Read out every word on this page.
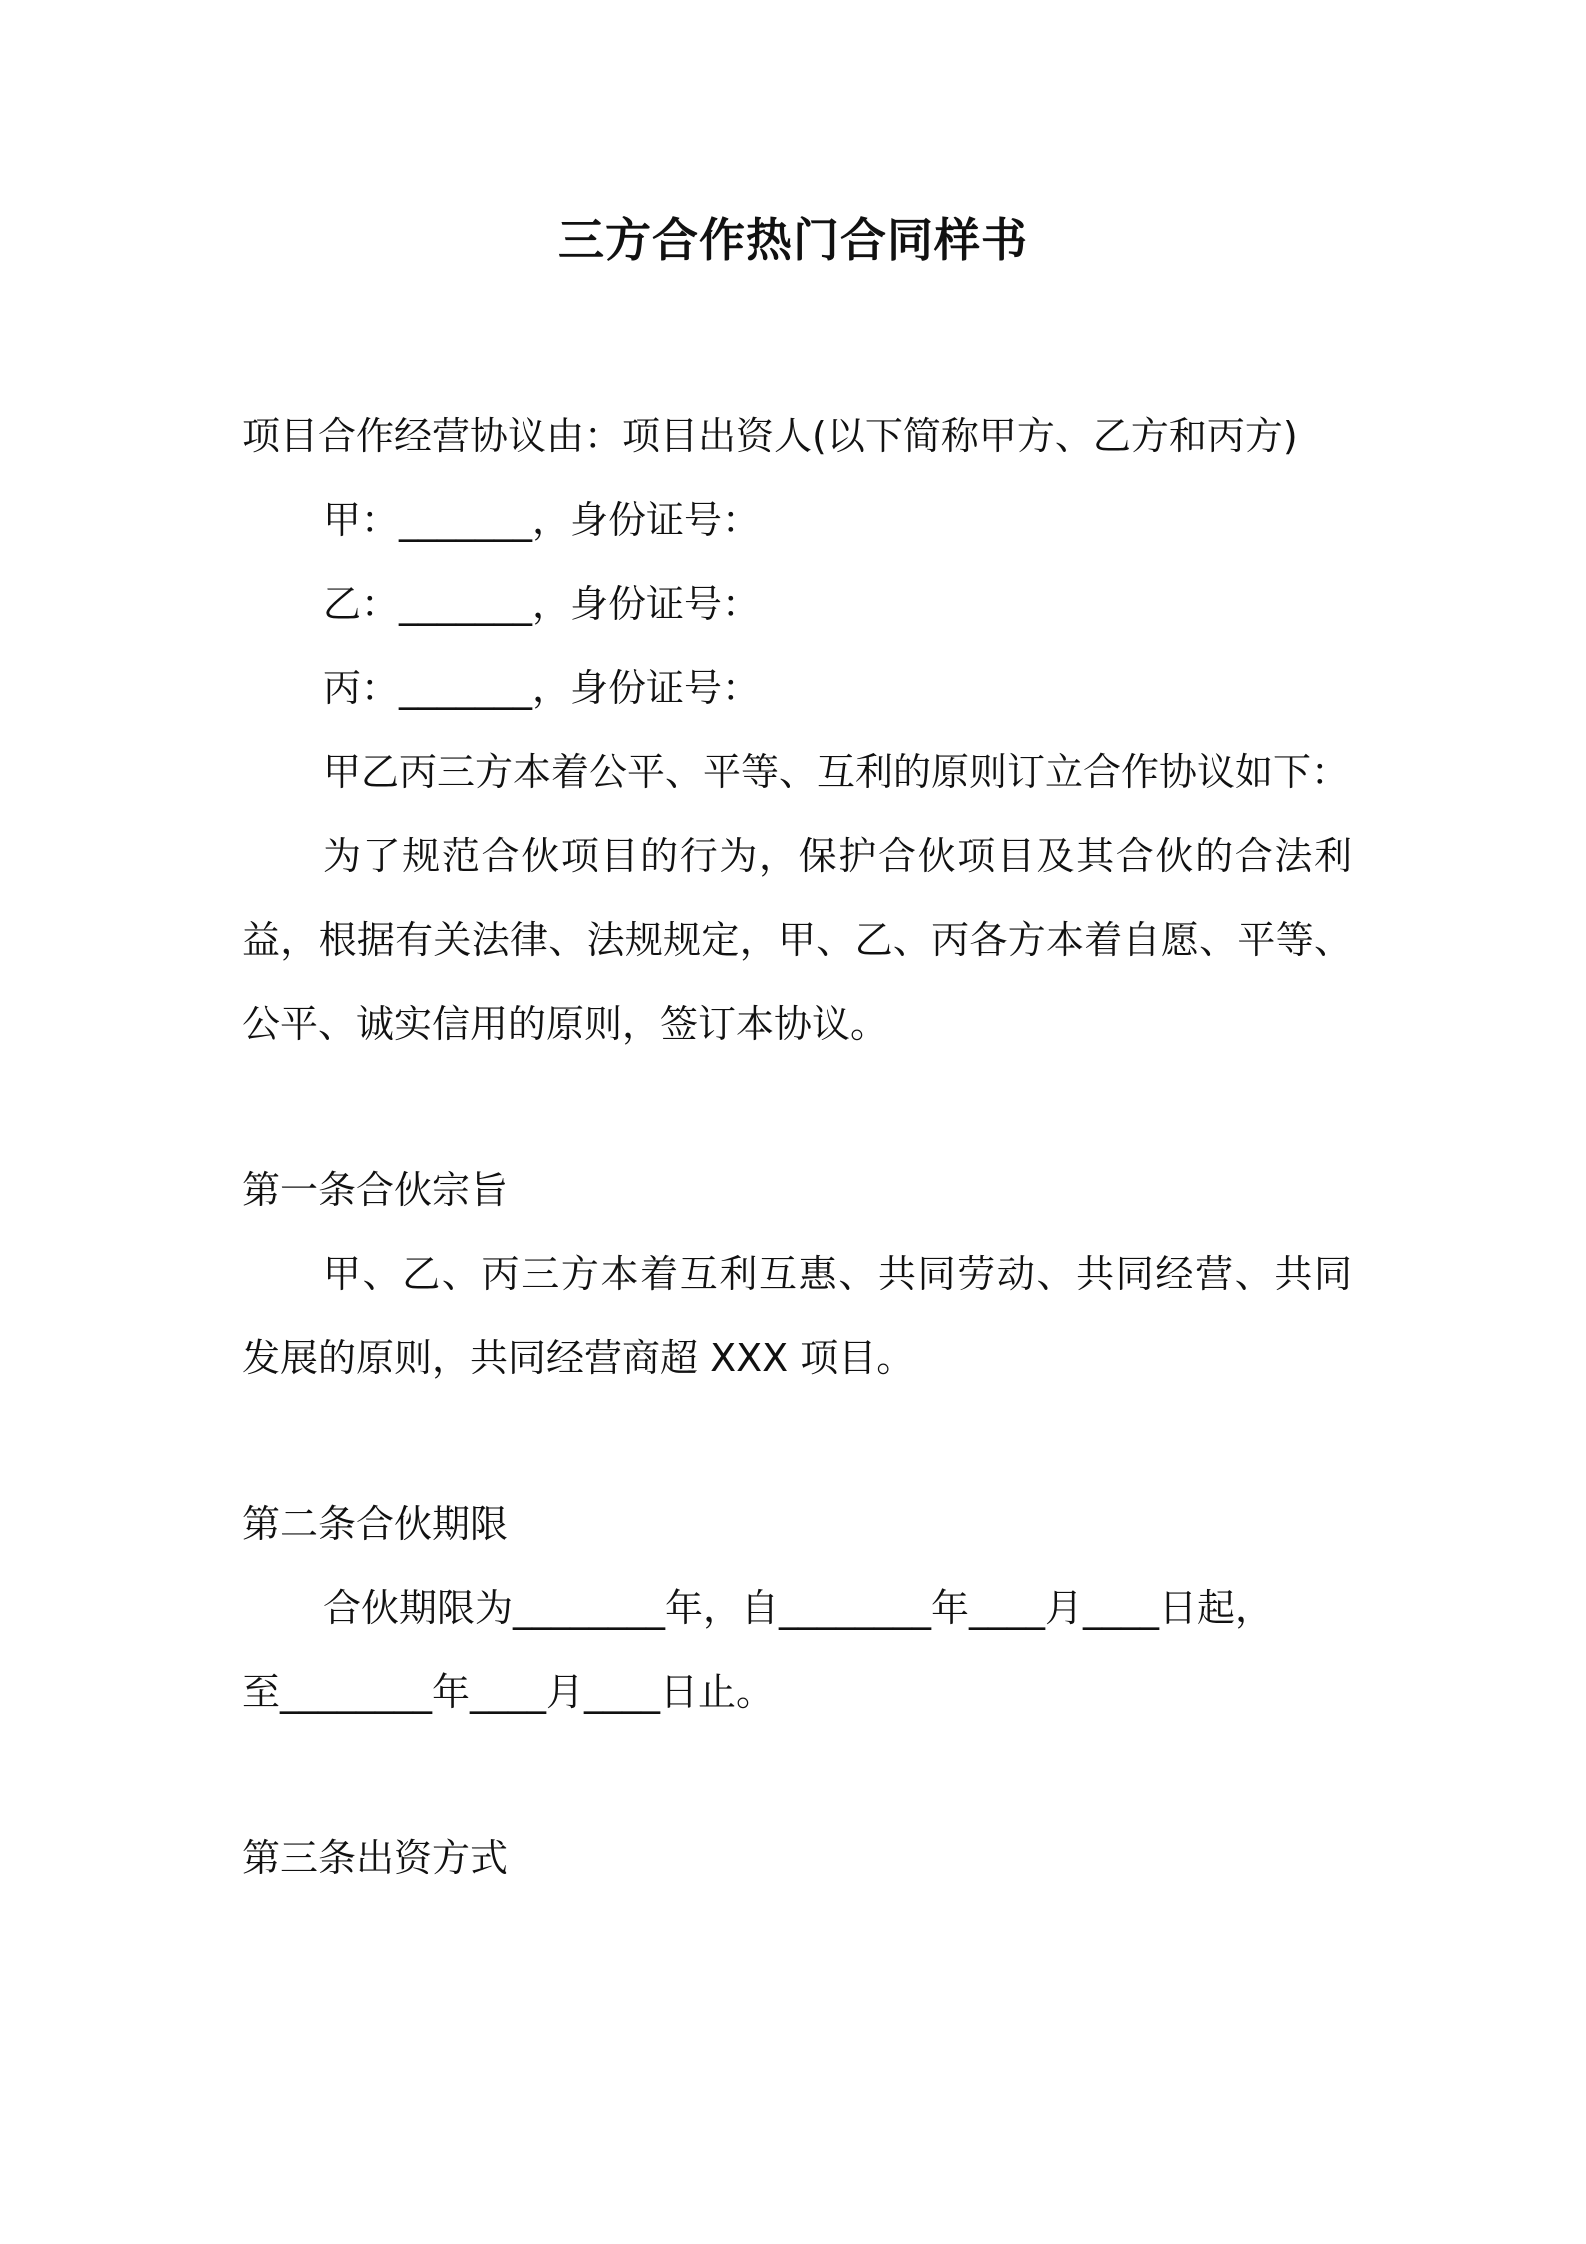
三方合作热门合同样书
项目合作经营协议由：项目出资人(以下简称甲方、乙方和丙方)
甲：_______，身份证号：
乙：_______，身份证号：
丙：_______，身份证号：
甲乙丙三方本着公平、平等、互利的原则订立合作协议如下：
为了规范合伙项目的行为，保护合伙项目及其合伙的合法利
益，根据有关法律、法规规定，甲、乙、丙各方本着自愿、平等、
公平、诚实信用的原则，签订本协议。
第一条合伙宗旨
甲、乙、丙三方本着互利互惠、共同劳动、共同经营、共同
发展的原则，共同经营商超 XXX 项目。
第二条合伙期限
合伙期限为________年，自________年____月____日起，
至________年____月____日止。
第三条出资方式
